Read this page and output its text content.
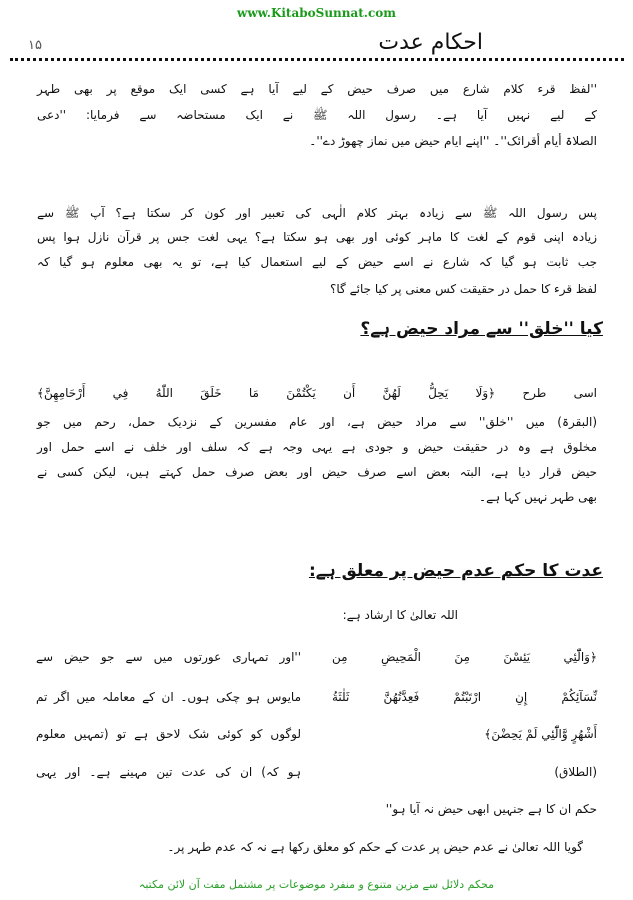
www.KitaboSunnat.com
احکام عدت
۱۵
''لفظ قرء کلام شارع میں صرف حیض کے لیے آیا ہے کسی ایک موقع پر بھی طہر
کے لیے نہیں آیا ہے۔ رسول اللہ ﷺ نے ایک مستحاضہ سے فرمایا: ''دعی
الصلاۃ أیام أقرائک''۔ ''اپنے ایام حیض میں نماز چھوڑ دے''۔
پس رسول اللہ ﷺ سے زیادہ بہتر کلام الٰہی کی تعبیر اور کون کر سکتا ہے؟ آپ ﷺ سے
زیادہ اپنی قوم کے لغت کا ماہر کوئی اور بھی ہو سکتا ہے؟ یہی لغت جس پر قرآن نازل ہوا پس
جب ثابت ہو گیا کہ شارع نے اسے حیض کے لیے استعمال کیا ہے، تو یہ بھی معلوم ہو گیا کہ
لفظ قرء کا حمل در حقیقت کس معنی پر کیا جائے گا؟
کیا ''خلق'' سے مراد حیض ہے؟
اسی طرح ﴿وَلَا يَحِلُّ لَهُنَّ أَن يَكْتُمْنَ مَا خَلَقَ اللّٰهُ فِي أَرْحَامِهِنَّ﴾
(البقرۃ) میں ''خلق'' سے مراد حیض ہے، اور عام مفسرین کے نزدیک حمل، رحم میں جو
مخلوق ہے وہ در حقیقت حیض و جودی ہے یہی وجہ ہے کہ سلف اور خلف نے اسے حمل اور
حیض قرار دیا ہے، البتہ بعض اسے صرف حیض اور بعض صرف حمل کہتے ہیں، لیکن کسی نے
بھی طہر نہیں کہا ہے۔
عدت کا حکم عدم حیض پر معلق ہے:
اللہ تعالیٰ کا ارشاد ہے:
﴿وَالّٰٓئِي يَئِسْنَ مِنَ الْمَحِيضِ مِن
نِّسَآئِكُمْ إِنِ ارْتَبْتُمْ فَعِدَّتُهُنَّ ثَلٰثَةُ
أَشْهُرٍ وَّالّٰٓئِي لَمْ يَحِضْنَ﴾
(الطلاق)
''اور تمہاری عورتوں میں سے جو حیض سے
مایوس ہو چکی ہوں۔ ان کے معاملہ میں اگر تم
لوگوں کو کوئی شک لاحق ہے تو (تمہیں معلوم
ہو کہ) ان کی عدت تین مہینے ہے۔ اور یہی
حکم ان کا ہے جنہیں ابھی حیض نہ آیا ہو''
گویا اللہ تعالیٰ نے عدم حیض پر عدت کے حکم کو معلق رکھا ہے نہ کہ عدم طہر پر۔
محکم دلائل سے مزین متنوع و منفرد موضوعات پر مشتمل مفت آن لائن مکتبہ
